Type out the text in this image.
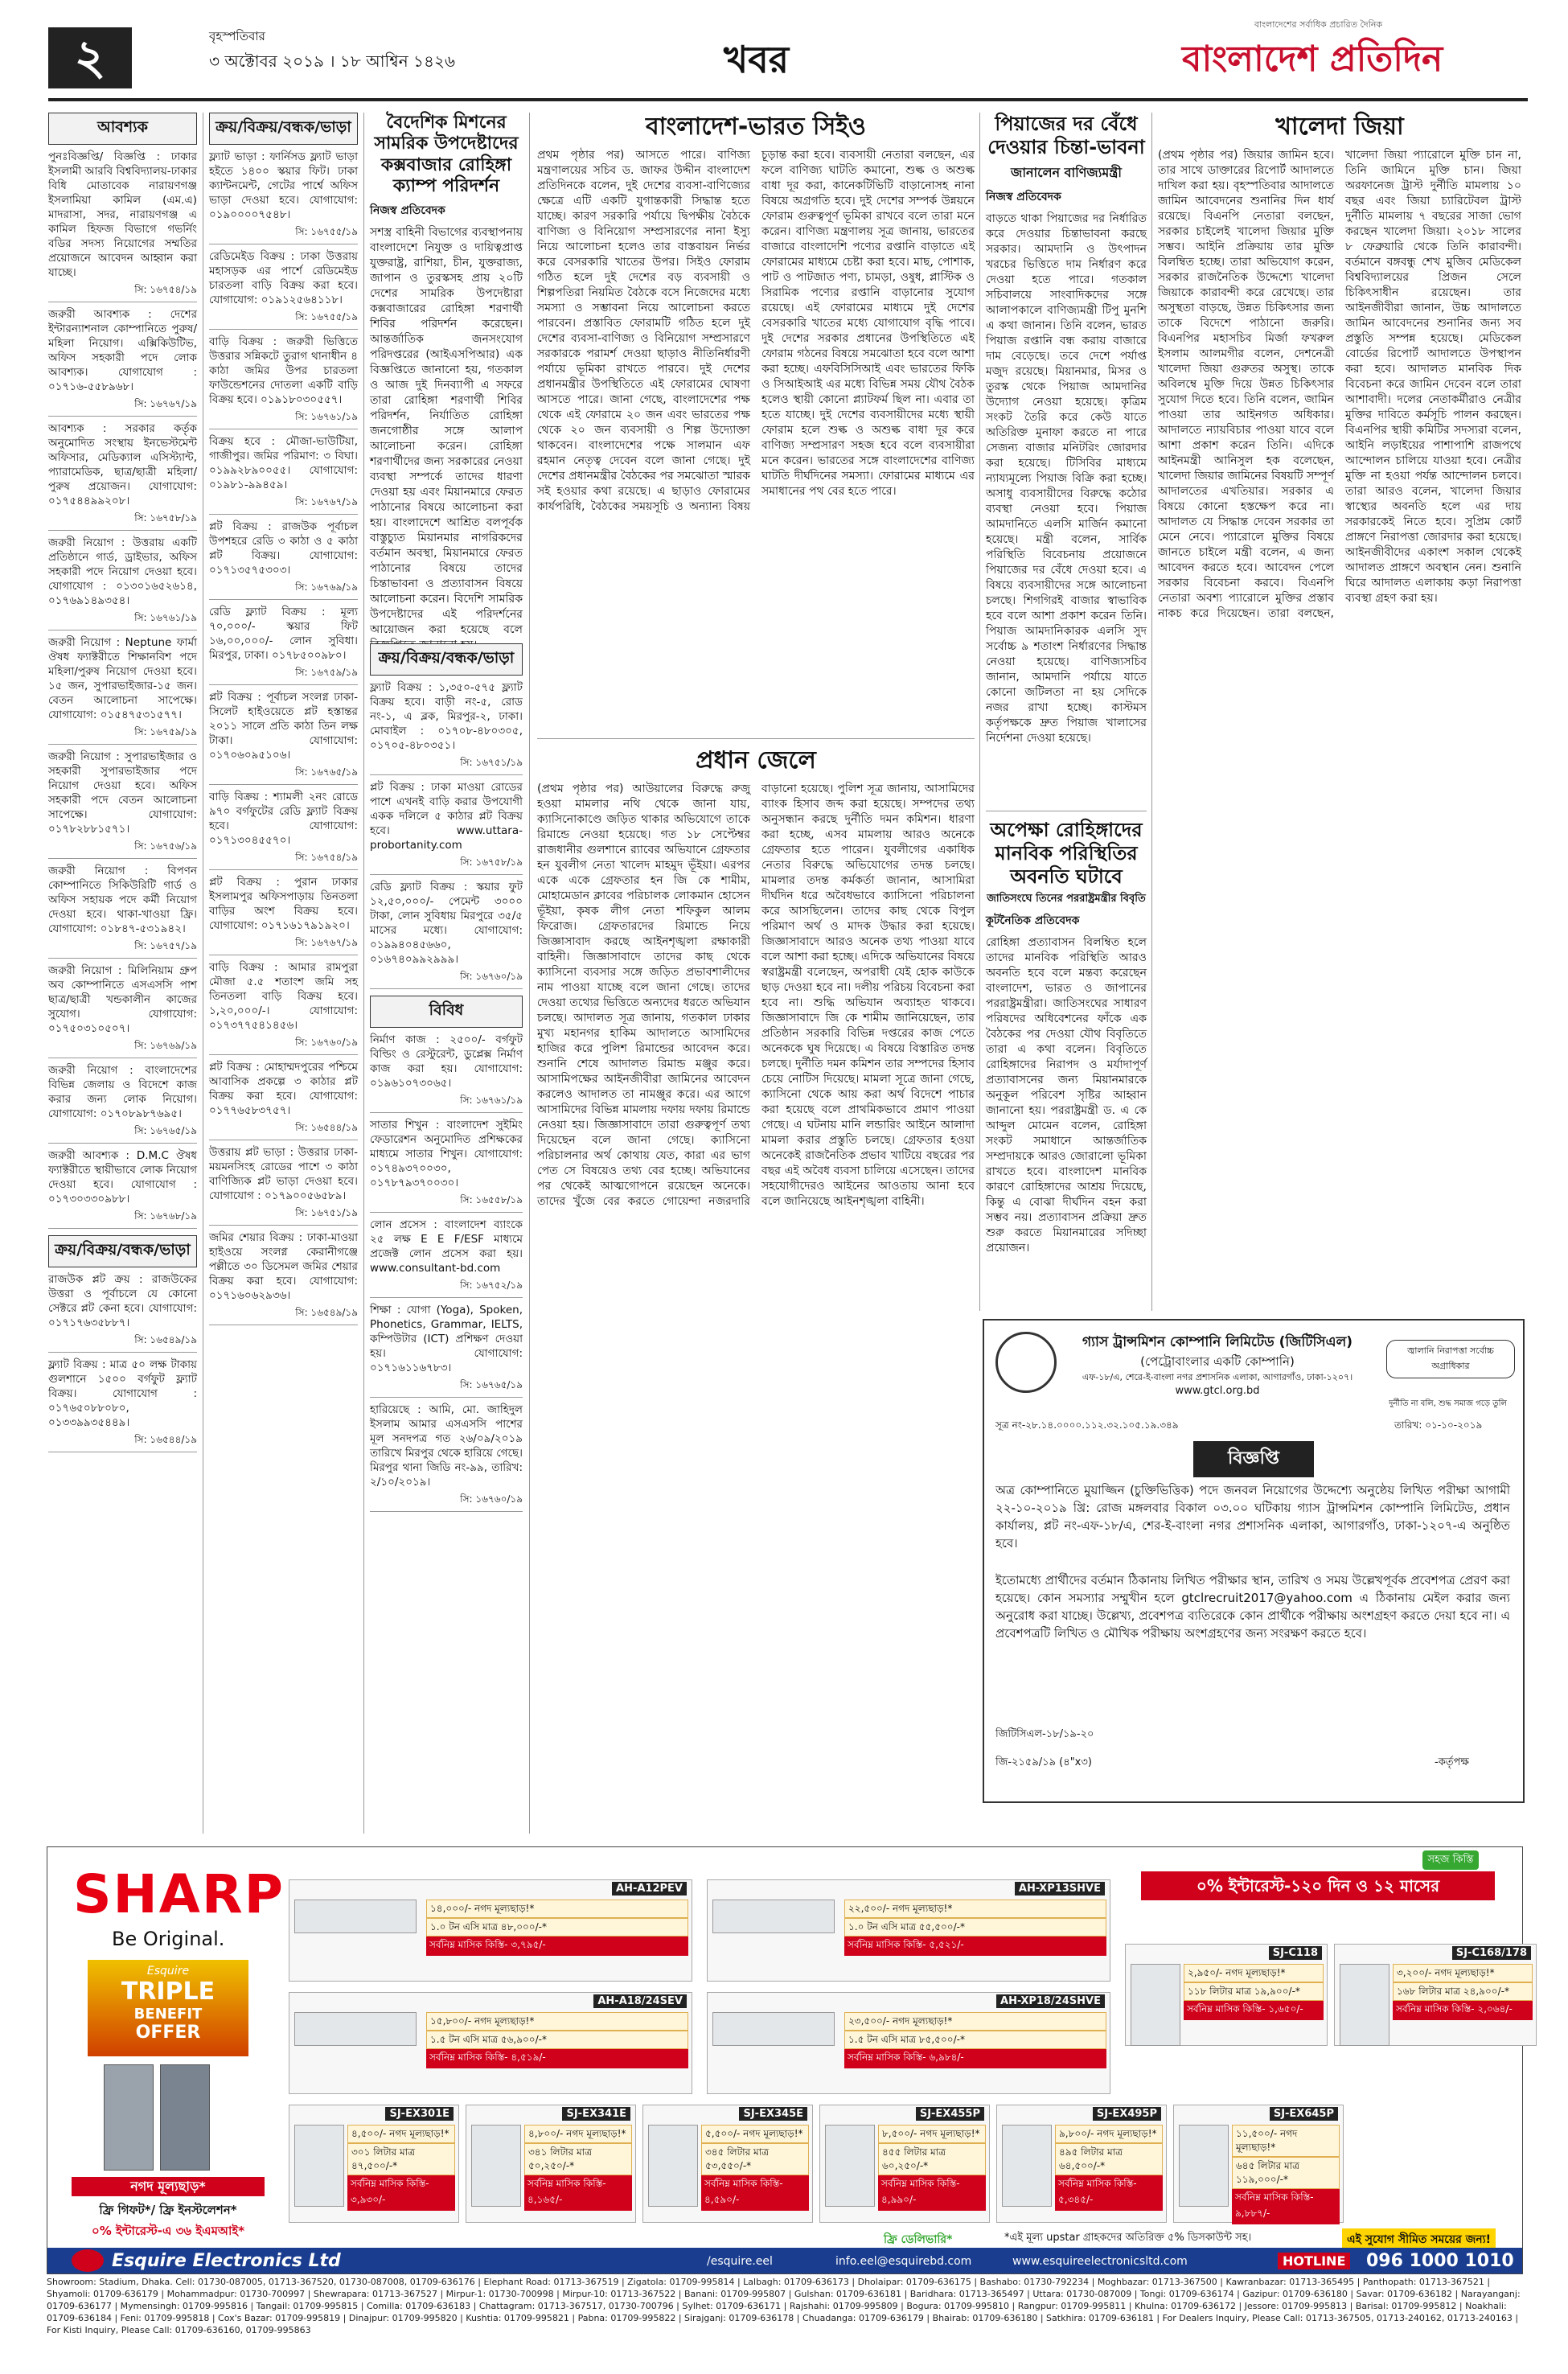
২	বৃহস্পতিবার
৩ অক্টোবর ২০১৯ । ১৮ আশ্বিন ১৪২৬	খবর
বাংলাদেশের সর্বাধিক প্রচারিত দৈনিক
বাংলাদেশ প্রতিদিন
আবশ্যক
পুনঃবিজ্ঞপ্তি/ বিজ্ঞপ্তি : ঢাকার ইসলামী আরবি বিশ্ববিদ্যালয়-ঢাকার বিধি মোতাবেক নারায়ণগঞ্জ ইসলামিয়া কামিল (এম.এ) মাদরাসা, সদর, নারায়ণগঞ্জ এ কামিল হিফজ বিভাগে গভর্নিং বডির সদস্য নিয়োগের সম্মতির প্রয়োজনে আবেদন আহ্বান করা যাচ্ছে।
সি: ১৬৭৫৪/১৯
জরুরী আবশ্যক : দেশের ইন্টারন্যাশনাল কোম্পানিতে পুরুষ/মহিলা নিয়োগ। এক্সিকিউটিভ, অফিস সহকারী পদে লোক আবশ্যক। যোগাযোগ : ০১৭১৬-৫৫৮৯৬৮।
সি: ১৬৭৬৭/১৯
আবশ্যক : সরকার কর্তৃক অনুমোদিত সংস্থায় ইনভেস্টমেন্ট অফিসার, মেডিক্যাল এসিস্ট্যান্ট, প্যারামেডিক, ছাত্র/ছাত্রী মহিলা/পুরুষ প্রয়োজন। যোগাযোগ: ০১৭৫৪৪৯৯২০৮।
সি: ১৬৭৫৮/১৯
জরুরী নিয়োগ : উত্তরায় একটি প্রতিষ্ঠানে গার্ড, ড্রাইভার, অফিস সহকারী পদে নিয়োগ দেওয়া হবে। যোগাযোগ : ০১৩০১৬৫২৬১৪, ০১৭৬৯১৪৯৩৫৪।
সি: ১৬৭৬১/১৯
জরুরী নিয়োগ : Neptune ফার্মা ঔষধ ফ্যাক্টরীতে শিক্ষানবিশ পদে মহিলা/পুরুষ নিয়োগ দেওয়া হবে। ১৫ জন, সুপারভাইজার-১৫ জন। বেতন আলোচনা সাপেক্ষে। যোগাযোগ: ০১৫৪৭৫৩১৫৭৭।
সি: ১৬৭৫৯/১৯
জরুরী নিয়োগ : সুপারভাইজার ও সহকারী সুপারভাইজার পদে নিয়োগ দেওয়া হবে। অফিস সহকারী পদে বেতন আলোচনা সাপেক্ষে। যোগাযোগ: ০১৭৮২৮৮১৫৭১।
সি: ১৬৭৫৬/১৯
জরুরী নিয়োগ : বিপণন কোম্পানিতে সিকিউরিটি গার্ড ও অফিস সহায়ক পদে কর্মী নিয়োগ দেওয়া হবে। থাকা-খাওয়া ফ্রি। যোগাযোগ: ০১৮৪৭-৫৩১৯৪২।
সি: ১৬৭৫৭/১৯
জরুরী নিয়োগ : মিলিনিয়াম গ্রুপ অব কোম্পানিতে এসএসসি পাশ ছাত্র/ছাত্রী খন্ডকালীন কাজের সুযোগ। যোগাযোগ: ০১৭৫০৩১০৫০৭।
সি: ১৬৭৬৯/১৯
জরুরী নিয়োগ : বাংলাদেশের বিভিন্ন জেলায় ও বিদেশে কাজ করার জন্য লোক নিয়োগ। যোগাযোগ: ০১৭০৮৯৮৭৬৯৫।
সি: ১৬৭৬৫/১৯
জরুরী আবশ্যক : D.M.C ঔষধ ফ্যাক্টরীতে স্থায়ীভাবে লোক নিয়োগ দেওয়া হবে। যোগাযোগ : ০১৭৩০৩৩০৯৮৮।
সি: ১৬৭৬৮/১৯
ক্রয়/বিক্রয়/বন্ধক/ভাড়া
রাজউক প্লট ক্রয় : রাজউকের উত্তরা ও পূর্বাচলে যে কোনো সেক্টরে প্লট কেনা হবে। যোগাযোগ: ০১৭১৭৬৩৫৮৮৭।
সি: ১৬৫৪৯/১৯
ফ্ল্যাট বিক্রয় : মাত্র ৫০ লক্ষ টাকায় গুলশানে ১৫০০ বর্গফুট ফ্ল্যাট বিক্রয়। যোগাযোগ : ০১৭৬৫০৮৮০৮০, ০১৩৩৯৯৩৫৪৪৯।
সি: ১৬৫৪৪/১৯
ক্রয়/বিক্রয়/বন্ধক/ভাড়া
ফ্ল্যাট ভাড়া : ফার্নিসড ফ্ল্যাট ভাড়া হইতে ১৪০০ স্কয়ার ফিট। ঢাকা ক্যান্টনমেন্ট, গেটের পার্শ্বে অফিস ভাড়া দেওয়া হবে। যোগাযোগ: ০১৯০০০০৭৫৪৮।
সি: ১৬৭৫৫/১৯
রেডিমেইড বিক্রয় : ঢাকা উত্তরায় মহাসড়ক এর পার্শে রেডিমেইড চারতলা বাড়ি বিক্রয় করা হবে। যোগাযোগ: ০১৯১২৫৬৪১১৮।
সি: ১৬৭৫৫/১৯
বাড়ি বিক্রয় : জরুরী ভিত্তিতে উত্তরার সন্নিকটে তুরাগ থানাধীন ৪ কাঠা জমির উপর চারতলা ফাউন্ডেশনের দোতলা একটি বাড়ি বিক্রয় হবে। ০১৯১৮০৩০৫৫৭।
সি: ১৬৭৬১/১৯
বিক্রয় হবে : মৌজা-ভাউটিয়া, গাজীপুর। জমির পরিমাণ: ৩ বিঘা। ০১৯৯২৮৯০০৫৫। যোগাযোগ: ০১৯৮১-৯৯৪৫৯।
সি: ১৬৭৬৭/১৯
প্লট বিক্রয় : রাজউক পূর্বাচল উপশহরে রেডি ৩ কাঠা ও ৫ কাঠা প্লট বিক্রয়। যোগাযোগ: ০১৭১৩৫৭৫৩০৩।
সি: ১৬৭৬৯/১৯
রেডি ফ্ল্যাট বিক্রয় : মূল্য ৭০,০০০/- স্কয়ার ফিট ১৬,০০,০০০/- লোন সুবিধা। মিরপুর, ঢাকা। ০১৭৮৫০০৯৮০।
সি: ১৬৭৫৯/১৯
প্লট বিক্রয় : পূর্বাচল সংলগ্ন ঢাকা-সিলেট হাইওয়েতে প্লট হস্তান্তর ২০১১ সালে প্রতি কাঠা তিন লক্ষ টাকা। যোগাযোগ: ০১৭০৬০৯৫১০৬।
সি: ১৬৭৬৫/১৯
বাড়ি বিক্রয় : শ্যামলী ২নং রোডে ৯৭০ বর্গফুটের রেডি ফ্ল্যাট বিক্রয় হবে। যোগাযোগ: ০১৭১৩০৪৫৫৭০।
সি: ১৬৭৫৪/১৯
প্লট বিক্রয় : পুরান ঢাকার ইসলামপুর অফিসপাড়ায় তিনতলা বাড়ির অংশ বিক্রয় হবে। যোগাযোগ: ০১৭১৬১৭৯১৯২০।
সি: ১৬৭৬৭/১৯
বাড়ি বিক্রয় : আমার রামপুরা মৌজা ৫.৫ শতাংশ জমি সহ তিনতলা বাড়ি বিক্রয় হবে। ১,২০,০০০/-। যোগাযোগ: ০১৭৩৭৭৫৪১৪৫৬।
সি: ১৬৭৬০/১৯
প্লট বিক্রয় : মোহাম্মদপুরের পশ্চিমে আবাসিক প্রকল্পে ৩ কাঠার প্লট বিক্রয় করা হবে। যোগাযোগ: ০১৭৭৬৫৮৩৭৫৭।
সি: ১৬৫৪৪/১৯
উত্তরায় প্লট ভাড়া : উত্তরার ঢাকা-ময়মনসিংহ রোডের পাশে ৩ কাঠা বাণিজ্যিক প্লট ভাড়া দেওয়া হবে। যোগাযোগ : ০১৭৯০০৫৬৫৮৯।
সি: ১৬৭৫১/১৯
জমির শেয়ার বিক্রয় : ঢাকা-মাওয়া হাইওয়ে সংলগ্ন কেরানীগঞ্জে পল্লীতে ৩০ ডিসেমল জমির শেয়ার বিক্রয় করা হবে। যোগাযোগ: ০১৭১৬০৬২৯৩৬।
সি: ১৬৫৪৯/১৯
বৈদেশিক মিশনের সামরিক উপদেষ্টাদের কক্সবাজার রোহিঙ্গা ক্যাম্প পরিদর্শন
নিজস্ব প্রতিবেদক
সশস্ত্র বাহিনী বিভাগের ব্যবস্থাপনায় বাংলাদেশে নিযুক্ত ও দায়িত্বপ্রাপ্ত যুক্তরাষ্ট্র, রাশিয়া, চীন, যুক্তরাজ্য, জাপান ও তুরস্কসহ প্রায় ২০টি দেশের সামরিক উপদেষ্টারা কক্সবাজারের রোহিঙ্গা শরণার্থী শিবির পরিদর্শন করেছেন। আন্তর্জাতিক জনসংযোগ পরিদপ্তরের (আইএসপিআর) এক বিজ্ঞপ্তিতে জানানো হয়, গতকাল ও আজ দুই দিনব্যাপী এ সফরে তারা রোহিঙ্গা শরণার্থী শিবির পরিদর্শন, নির্যাতিত রোহিঙ্গা জনগোষ্ঠীর সঙ্গে আলাপ আলোচনা করেন। রোহিঙ্গা শরণার্থীদের জন্য সরকারের নেওয়া ব্যবস্থা সম্পর্কে তাদের ধারণা দেওয়া হয় এবং মিয়ানমারে ফেরত পাঠানোর বিষয়ে আলোচনা করা হয়। বাংলাদেশে আশ্রিত বলপূর্বক বাস্তুচ্যুত মিয়ানমার নাগরিকদের বর্তমান অবস্থা, মিয়ানমারে ফেরত পাঠানোর বিষয়ে তাদের চিন্তাভাবনা ও প্রত্যাবাসন বিষয়ে আলোচনা করেন। বিদেশি সামরিক উপদেষ্টাদের এই পরিদর্শনের আয়োজন করা হয়েছে বলে
ক্রয়/বিক্রয়/বন্ধক/ভাড়া
ফ্ল্যাট বিক্রয় : ১,৩৫০-৫৭৫ ফ্ল্যাট বিক্রয় হবে। বাড়ী নং-৫, রোড নং-১, এ ব্লক, মিরপুর-২, ঢাকা। মোবাইল : ০১৭০৮-৪৮০৩০৫, ০১৭০৫-৪৮০৩৫১।
সি: ১৬৭৫১/১৯
প্লট বিক্রয় : ঢাকা মাওয়া রোডের পাশে এখনই বাড়ি করার উপযোগী একক দলিলে ৫ কাঠার প্লট বিক্রয় হবে। www.uttara-probortanity.com
সি: ১৬৭৫৮/১৯
রেডি ফ্ল্যাট বিক্রয় : স্কয়ার ফুট ১২,৫০,০০০/- পেমেন্ট ৩০০০ টাকা, লোন সুবিধায় মিরপুরে ৩৫/৫ মাসের মধ্যে। যোগাযোগ: ০১৯৯৪০৪৫৬৬০, ০১৬৭৪০৯৯২৯৯৯।
সি: ১৬৭৬০/১৯
বিবিধ
নির্মাণ কাজ : ২৫০০/- বর্গফুট বিল্ডিং ও রেস্টুরেন্ট, ডুপ্লেক্স নির্মাণ কাজ করা হয়। যোগাযোগ: ০১৯৬১০৭৩০৬৫।
সি: ১৬৭৬১/১৯
সাতার শিখুন : বাংলাদেশ সুইমিং ফেডারেশন অনুমোদিত প্রশিক্ষকের মাধ্যমে সাতার শিখুন। যোগাযোগ: ০১৭৪৯৩৭০০৩০, ০১৭৮৭৯৩৭০০৩০।
সি: ১৬৫৫৮/১৯
লোন প্রসেস : বাংলাদেশ ব্যাংকে ২৫ লক্ষ E E F/ESF মাধ্যমে প্রজেক্ট লোন প্রসেস করা হয়। www.consultant-bd.com
সি: ১৬৭৫২/১৯
শিক্ষা : যোগা (Yoga), Spoken, Phonetics, Grammar, IELTS, কম্পিউটার (ICT) প্রশিক্ষণ দেওয়া হয়। যোগাযোগ: ০১৭১৬১১৬৭৮৩।
সি: ১৬৭৬৫/১৯
হারিয়েছে : আমি, মো. জাহিদুল ইসলাম আমার এসএসসি পাশের মূল সনদপত্র গত ২৬/০৯/২০১৯ তারিখে মিরপুর থেকে হারিয়ে গেছে। মিরপুর থানা জিডি নং-৯৯, তারিখ: ২/১০/২০১৯।
সি: ১৬৭৬০/১৯
বাংলাদেশ-ভারত সিইও
প্রথম পৃষ্ঠার পর) আসতে পারে। বাণিজ্য মন্ত্রণালয়ের সচিব ড. জাফর উদ্দীন বাংলাদেশ প্রতিদিনকে বলেন, দুই দেশের ব্যবসা-বাণিজ্যের ক্ষেত্রে এটি একটি যুগান্তকারী সিদ্ধান্ত হতে যাচ্ছে। কারণ সরকারি পর্যায়ে দ্বিপক্ষীয় বৈঠকে বাণিজ্য ও বিনিয়োগ সম্প্রসারণের নানা ইস্যু নিয়ে আলোচনা হলেও তার বাস্তবায়ন নির্ভর করে বেসরকারি খাতের উপর। সিইও ফোরাম গঠিত হলে দুই দেশের বড় ব্যবসায়ী ও শিল্পপতিরা নিয়মিত বৈঠকে বসে নিজেদের মধ্যে সমস্যা ও সম্ভাবনা নিয়ে আলোচনা করতে পারবেন। প্রস্তাবিত ফোরামটি গঠিত হলে দুই দেশের ব্যবসা-বাণিজ্য ও বিনিয়োগ সম্প্রসারণে সরকারকে পরামর্শ দেওয়া ছাড়াও নীতিনির্ধারণী পর্যায়ে ভূমিকা রাখতে পারবে। দুই দেশের প্রধানমন্ত্রীর উপস্থিতিতে এই ফোরামের ঘোষণা আসতে পারে। জানা গেছে, বাংলাদেশের পক্ষ থেকে এই ফোরামে ২০ জন এবং ভারতের পক্ষ থেকে ২০ জন ব্যবসায়ী ও শিল্প উদ্যোক্তা থাকবেন। বাংলাদেশের পক্ষে সালমান এফ রহমান নেতৃত্ব দেবেন বলে জানা গেছে। দুই দেশের প্রধানমন্ত্রীর বৈঠকের পর সমঝোতা স্মারক সই হওয়ার কথা রয়েছে। এ ছাড়াও ফোরামের কার্যপরিধি, বৈঠকের সময়সূচি ও অন্যান্য বিষয় চূড়ান্ত করা হবে। ব্যবসায়ী নেতারা বলছেন, এর ফলে বাণিজ্য ঘাটতি কমানো, শুল্ক ও অশুল্ক বাধা দূর করা, কানেকটিভিটি বাড়ানোসহ নানা বিষয়ে অগ্রগতি হবে। দুই দেশের সম্পর্ক উন্নয়নে ফোরাম গুরুত্বপূর্ণ ভূমিকা রাখবে বলে তারা মনে করেন। বাণিজ্য মন্ত্রণালয় সূত্র জানায়, ভারতের বাজারে বাংলাদেশি পণ্যের রপ্তানি বাড়াতে এই ফোরামের মাধ্যমে চেষ্টা করা হবে। মাছ, পোশাক, পাট ও পাটজাত পণ্য, চামড়া, ওষুধ, প্লাস্টিক ও সিরামিক পণ্যের রপ্তানি বাড়ানোর সুযোগ রয়েছে। এই ফোরামের মাধ্যমে দুই দেশের বেসরকারি খাতের মধ্যে যোগাযোগ বৃদ্ধি পাবে। দুই দেশের সরকার প্রধানের উপস্থিতিতে এই ফোরাম গঠনের বিষয়ে সমঝোতা হবে বলে আশা করা হচ্ছে। এফবিসিসিআই এবং ভারতের ফিকি ও সিআইআই এর মধ্যে বিভিন্ন সময় যৌথ বৈঠক হলেও স্থায়ী কোনো প্ল্যাটফর্ম ছিল না। এবার তা হতে যাচ্ছে। দুই দেশের ব্যবসায়ীদের মধ্যে স্থায়ী ফোরাম হলে শুল্ক ও অশুল্ক বাধা দূর করে বাণিজ্য সম্প্রসারণ সহজ হবে বলে ব্যবসায়ীরা মনে করেন। ভারতের সঙ্গে বাংলাদেশের বাণিজ্য ঘাটতি দীর্ঘদিনের সমস্যা। ফোরামের মাধ্যমে এর সমাধানের পথ বের হতে পারে।
প্রধান জেলে
(প্রথম পৃষ্ঠার পর) আউয়ালের বিরুদ্ধে রুজু হওয়া মামলার নথি থেকে জানা যায়, ক্যাসিনোকাণ্ডে জড়িত থাকার অভিযোগে তাকে রিমান্ডে নেওয়া হয়েছে। গত ১৮ সেপ্টেম্বর রাজধানীর গুলশানে র‍্যাবের অভিযানে গ্রেফতার হন যুবলীগ নেতা খালেদ মাহমুদ ভূঁইয়া। এরপর একে একে গ্রেফতার হন জি কে শামীম, মোহামেডান ক্লাবের পরিচালক লোকমান হোসেন ভূঁইয়া, কৃষক লীগ নেতা শফিকুল আলম ফিরোজ। গ্রেফতারদের রিমান্ডে নিয়ে জিজ্ঞাসাবাদ করছে আইনশৃঙ্খলা রক্ষাকারী বাহিনী। জিজ্ঞাসাবাদে তাদের কাছ থেকে ক্যাসিনো ব্যবসার সঙ্গে জড়িত প্রভাবশালীদের নাম পাওয়া যাচ্ছে বলে জানা গেছে। তাদের দেওয়া তথ্যের ভিত্তিতে অন্যদের ধরতে অভিযান চলছে। আদালত সূত্র জানায়, গতকাল ঢাকার মুখ্য মহানগর হাকিম আদালতে আসামিদের হাজির করে পুলিশ রিমান্ডের আবেদন করে। শুনানি শেষে আদালত রিমান্ড মঞ্জুর করে। আসামিপক্ষের আইনজীবীরা জামিনের আবেদন করলেও আদালত তা নামঞ্জুর করে। এর আগে আসামিদের বিভিন্ন মামলায় দফায় দফায় রিমান্ডে নেওয়া হয়। জিজ্ঞাসাবাদে তারা গুরুত্বপূর্ণ তথ্য দিয়েছেন বলে জানা গেছে। ক্যাসিনো পরিচালনার অর্থ কোথায় যেত, কারা এর ভাগ পেত সে বিষয়েও তথ্য বের হচ্ছে। অভিযানের পর থেকেই আত্মগোপনে রয়েছেন অনেকে। তাদের খুঁজে বের করতে গোয়েন্দা নজরদারি বাড়ানো হয়েছে। পুলিশ সূত্র জানায়, আসামিদের ব্যাংক হিসাব জব্দ করা হয়েছে। সম্পদের তথ্য অনুসন্ধান করছে দুর্নীতি দমন কমিশন। ধারণা করা হচ্ছে, এসব মামলায় আরও অনেকে গ্রেফতার হতে পারেন। যুবলীগের একাধিক নেতার বিরুদ্ধে অভিযোগের তদন্ত চলছে। মামলার তদন্ত কর্মকর্তা জানান, আসামিরা দীর্ঘদিন ধরে অবৈধভাবে ক্যাসিনো পরিচালনা করে আসছিলেন। তাদের কাছ থেকে বিপুল পরিমাণ অর্থ ও মাদক উদ্ধার করা হয়েছে। জিজ্ঞাসাবাদে আরও অনেক তথ্য পাওয়া যাবে বলে আশা করা হচ্ছে। এদিকে অভিযানের বিষয়ে স্বরাষ্ট্রমন্ত্রী বলেছেন, অপরাধী যেই হোক কাউকে ছাড় দেওয়া হবে না। দলীয় পরিচয় বিবেচনা করা হবে না। শুদ্ধি অভিযান অব্যাহত থাকবে। জিজ্ঞাসাবাদে জি কে শামীম জানিয়েছেন, তার প্রতিষ্ঠান সরকারি বিভিন্ন দপ্তরের কাজ পেতে অনেককে ঘুষ দিয়েছে। এ বিষয়ে বিস্তারিত তদন্ত চলছে। দুর্নীতি দমন কমিশন তার সম্পদের হিসাব চেয়ে নোটিস দিয়েছে। মামলা সূত্রে জানা গেছে, ক্যাসিনো থেকে আয় করা অর্থ বিদেশে পাচার করা হয়েছে বলে প্রাথমিকভাবে প্রমাণ পাওয়া গেছে। এ ঘটনায় মানি লন্ডারিং আইনে আলাদা মামলা করার প্রস্তুতি চলছে। গ্রেফতার হওয়া অনেকেই রাজনৈতিক প্রভাব খাটিয়ে বছরের পর বছর এই অবৈধ ব্যবসা চালিয়ে এসেছেন। তাদের সহযোগীদেরও আইনের আওতায় আনা হবে বলে জানিয়েছে আইনশৃঙ্খলা বাহিনী।
পিয়াজের দর বেঁধে দেওয়ার চিন্তা-ভাবনা
জানালেন বাণিজ্যমন্ত্রী
নিজস্ব প্রতিবেদক
বাড়তে থাকা পিয়াজের দর নির্ধারিত করে দেওয়ার চিন্তাভাবনা করছে সরকার। আমদানি ও উৎপাদন খরচের ভিত্তিতে দাম নির্ধারণ করে দেওয়া হতে পারে। গতকাল সচিবালয়ে সাংবাদিকদের সঙ্গে আলাপকালে বাণিজ্যমন্ত্রী টিপু মুনশি এ কথা জানান। তিনি বলেন, ভারত পিয়াজ রপ্তানি বন্ধ করায় বাজারে দাম বেড়েছে। তবে দেশে পর্যাপ্ত মজুদ রয়েছে। মিয়ানমার, মিসর ও তুরস্ক থেকে পিয়াজ আমদানির উদ্যোগ নেওয়া হয়েছে। কৃত্রিম সংকট তৈরি করে কেউ যাতে অতিরিক্ত মুনাফা করতে না পারে সেজন্য বাজার মনিটরিং জোরদার করা হয়েছে। টিসিবির মাধ্যমে ন্যায্যমূল্যে পিয়াজ বিক্রি করা হচ্ছে। অসাধু ব্যবসায়ীদের বিরুদ্ধে কঠোর ব্যবস্থা নেওয়া হবে। পিয়াজ আমদানিতে এলসি মার্জিন কমানো হয়েছে। মন্ত্রী বলেন, সার্বিক পরিস্থিতি বিবেচনায় প্রয়োজনে পিয়াজের দর বেঁধে দেওয়া হবে। এ বিষয়ে ব্যবসায়ীদের সঙ্গে আলোচনা চলছে। শিগগিরই বাজার স্বাভাবিক হবে বলে আশা প্রকাশ করেন তিনি। পিয়াজ আমদানিকারক এলসি সুদ সর্বোচ্চ ৯ শতাংশ নির্ধারণের সিদ্ধান্ত নেওয়া হয়েছে। বাণিজ্যসচিব জানান, আমদানি পর্যায়ে যাতে কোনো জটিলতা না হয় সেদিকে নজর রাখা হচ্ছে। কাস্টমস কর্তৃপক্ষকে দ্রুত পিয়াজ খালাসের নির্দেশনা দেওয়া হয়েছে।
অপেক্ষা রোহিঙ্গাদের মানবিক পরিস্থিতির অবনতি ঘটাবে
জাতিসংঘে তিনের পররাষ্ট্রমন্ত্রীর বিবৃতি
কূটনৈতিক প্রতিবেদক
রোহিঙ্গা প্রত্যাবাসন বিলম্বিত হলে তাদের মানবিক পরিস্থিতি আরও অবনতি হবে বলে মন্তব্য করেছেন বাংলাদেশ, ভারত ও জাপানের পররাষ্ট্রমন্ত্রীরা। জাতিসংঘের সাধারণ পরিষদের অধিবেশনের ফাঁকে এক বৈঠকের পর দেওয়া যৌথ বিবৃতিতে তারা এ কথা বলেন। বিবৃতিতে রোহিঙ্গাদের নিরাপদ ও মর্যাদাপূর্ণ প্রত্যাবাসনের জন্য মিয়ানমারকে অনুকূল পরিবেশ সৃষ্টির আহ্বান জানানো হয়। পররাষ্ট্রমন্ত্রী ড. এ কে আব্দুল মোমেন বলেন, রোহিঙ্গা সংকট সমাধানে আন্তর্জাতিক সম্প্রদায়কে আরও জোরালো ভূমিকা রাখতে হবে। বাংলাদেশ মানবিক কারণে রোহিঙ্গাদের আশ্রয় দিয়েছে, কিন্তু এ বোঝা দীর্ঘদিন বহন করা সম্ভব নয়। প্রত্যাবাসন প্রক্রিয়া দ্রুত শুরু করতে মিয়ানমারের সদিচ্ছা প্রয়োজন।
খালেদা জিয়া
(প্রথম পৃষ্ঠার পর) জিয়ার জামিন হবে। তার সাথে ডাক্তারের রিপোর্ট আদালতে দাখিল করা হয়। বৃহস্পতিবার আদালতে জামিন আবেদনের শুনানির দিন ধার্য রয়েছে। বিএনপি নেতারা বলছেন, সরকার চাইলেই খালেদা জিয়ার মুক্তি সম্ভব। আইনি প্রক্রিয়ায় তার মুক্তি বিলম্বিত হচ্ছে। তারা অভিযোগ করেন, সরকার রাজনৈতিক উদ্দেশ্যে খালেদা জিয়াকে কারাবন্দী করে রেখেছে। তার অসুস্থতা বাড়ছে, উন্নত চিকিৎসার জন্য তাকে বিদেশে পাঠানো জরুরি। বিএনপির মহাসচিব মির্জা ফখরুল ইসলাম আলমগীর বলেন, দেশনেত্রী খালেদা জিয়া গুরুতর অসুস্থ। তাকে অবিলম্বে মুক্তি দিয়ে উন্নত চিকিৎসার সুযোগ দিতে হবে। তিনি বলেন, জামিন পাওয়া তার আইনগত অধিকার। আদালতে ন্যায়বিচার পাওয়া যাবে বলে আশা প্রকাশ করেন তিনি। এদিকে আইনমন্ত্রী আনিসুল হক বলেছেন, খালেদা জিয়ার জামিনের বিষয়টি সম্পূর্ণ আদালতের এখতিয়ার। সরকার এ বিষয়ে কোনো হস্তক্ষেপ করে না। আদালত যে সিদ্ধান্ত দেবেন সরকার তা মেনে নেবে। প্যারোলে মুক্তির বিষয়ে জানতে চাইলে মন্ত্রী বলেন, এ জন্য আবেদন করতে হবে। আবেদন পেলে সরকার বিবেচনা করবে। বিএনপি নেতারা অবশ্য প্যারোলে মুক্তির প্রস্তাব নাকচ করে দিয়েছেন। তারা বলছেন, খালেদা জিয়া প্যারোলে মুক্তি চান না, তিনি জামিনে মুক্তি চান। জিয়া অরফানেজ ট্রাস্ট দুর্নীতি মামলায় ১০ বছর এবং জিয়া চ্যারিটেবল ট্রাস্ট দুর্নীতি মামলায় ৭ বছরের সাজা ভোগ করছেন খালেদা জিয়া। ২০১৮ সালের ৮ ফেব্রুয়ারি থেকে তিনি কারাবন্দী। বর্তমানে বঙ্গবন্ধু শেখ মুজিব মেডিকেল বিশ্ববিদ্যালয়ের প্রিজন সেলে চিকিৎসাধীন রয়েছেন। তার আইনজীবীরা জানান, উচ্চ আদালতে জামিন আবেদনের শুনানির জন্য সব প্রস্তুতি সম্পন্ন হয়েছে। মেডিকেল বোর্ডের রিপোর্ট আদালতে উপস্থাপন করা হবে। আদালত মানবিক দিক বিবেচনা করে জামিন দেবেন বলে তারা আশাবাদী। দলের নেতাকর্মীরাও নেত্রীর মুক্তির দাবিতে কর্মসূচি পালন করছেন। বিএনপির স্থায়ী কমিটির সদস্যরা বলেন, আইনি লড়াইয়ের পাশাপাশি রাজপথে আন্দোলন চালিয়ে যাওয়া হবে। নেত্রীর মুক্তি না হওয়া পর্যন্ত আন্দোলন চলবে। তারা আরও বলেন, খালেদা জিয়ার স্বাস্থ্যের অবনতি হলে এর দায় সরকারকেই নিতে হবে। সুপ্রিম কোর্ট প্রাঙ্গণে নিরাপত্তা জোরদার করা হয়েছে। আইনজীবীদের একাংশ সকাল থেকেই আদালত প্রাঙ্গণে অবস্থান নেন। শুনানি ঘিরে আদালত এলাকায় কড়া নিরাপত্তা ব্যবস্থা গ্রহণ করা হয়।
গ্যাস ট্রান্সমিশন কোম্পানি লিমিটেড (জিটিসিএল)
(পেট্রোবাংলার একটি কোম্পানি)
এফ-১৮/এ, শেরে-ই-বাংলা নগর প্রশাসনিক এলাকা, আগারগাঁও, ঢাকা-১২০৭।
www.gtcl.org.bd
জ্বালানি নিরাপত্তা সর্বোচ্চ অগ্রাধিকার
দুর্নীতি না বলি, শুদ্ধ সমাজ গড়ে তুলি
সূত্র নং-২৮.১৪.০০০০.১১২.৩২.১০৫.১৯.৩৪৯	তারিখ: ০১-১০-২০১৯
বিজ্ঞপ্তি
অত্র কোম্পানিতে মুয়াজ্জিন (চুক্তিভিত্তিক) পদে জনবল নিয়োগের উদ্দেশ্যে অনুষ্ঠেয় লিখিত পরীক্ষা আগামী ২২-১০-২০১৯ খ্রি: রোজ মঙ্গলবার বিকাল ০৩.০০ ঘটিকায় গ্যাস ট্রান্সমিশন কোম্পানি লিমিটেড, প্রধান কার্যালয়, প্লট নং-এফ-১৮/এ, শের-ই-বাংলা নগর প্রশাসনিক এলাকা, আগারগাঁও, ঢাকা-১২০৭-এ অনুষ্ঠিত হবে।
ইতোমধ্যে প্রার্থীদের বর্তমান ঠিকানায় লিখিত পরীক্ষার স্থান, তারিখ ও সময় উল্লেখপূর্বক প্রবেশপত্র প্রেরণ করা হয়েছে। কোন সমস্যার সম্মুখীন হলে gtclrecruit2017@yahoo.com এ ঠিকানায় মেইল করার জন্য অনুরোধ করা যাচ্ছে। উল্লেখ্য, প্রবেশপত্র ব্যতিরেকে কোন প্রার্থীকে পরীক্ষায় অংশগ্রহণ করতে দেয়া হবে না। এ প্রবেশপত্রটি লিখিত ও মৌখিক পরীক্ষায় অংশগ্রহণের জন্য সংরক্ষণ করতে হবে।
জিটিসিএল-১৮/১৯-২০
জি-২১৫৯/১৯ (৪"x৩)	-কর্তৃপক্ষ
SHARP
Be Original.
Esquire
TRIPLE
BENEFIT
OFFER
নগদ মূল্যছাড়*
ফ্রি গিফট*/ ফ্রি ইনস্টলেশন*
০% ইন্টারেস্ট-এ ৩৬ ইএমআই*
০% ইন্টারেস্ট-১২০ দিন ও ১২ মাসের
সহজ কিস্তি
AH-A12PEV
১৪,০০০/- নগদ মূল্যছাড়!*
১.০ টন এসি মাত্র ৪৮,০০০/-*
সর্বনিম্ন মাসিক কিস্তি- ৩,৭৯৫/-
AH-XP13SHVE
২২,৫০০/- নগদ মূল্যছাড়!*
১.০ টন এসি মাত্র ৫৫,৫০০/-*
সর্বনিম্ন মাসিক কিস্তি- ৫,৫২১/-
AH-A18/24SEV
১৫,৮০০/- নগদ মূল্যছাড়!*
১.৫ টন এসি মাত্র ৫৬,৯০০/-*
সর্বনিম্ন মাসিক কিস্তি- ৪,৫১৯/-
AH-XP18/24SHVE
২৩,৫০০/- নগদ মূল্যছাড়!*
১.৫ টন এসি মাত্র ৮৫,৫০০/-*
সর্বনিম্ন মাসিক কিস্তি- ৬,৯৮৪/-
SJ-C118
২,৯৫০/- নগদ মূল্যছাড়!*
১১৮ লিটার মাত্র ১৯,৯০০/-*
সর্বনিম্ন মাসিক কিস্তি- ১,৬৫০/-
SJ-C168/178
৩,২০০/- নগদ মূল্যছাড়!*
১৬৮ লিটার মাত্র ২৪,৯০০/-*
সর্বনিম্ন মাসিক কিস্তি- ২,০৬৪/-
SJ-EX301E
৪,৫০০/- নগদ মূল্যছাড়!*
৩০১ লিটার মাত্র ৪৭,৫০০/-*
সর্বনিম্ন মাসিক কিস্তি- ৩,৯৩০/-
SJ-EX341E
৪,৮০০/- নগদ মূল্যছাড়!*
৩৪১ লিটার মাত্র ৫০,২৫০/-*
সর্বনিম্ন মাসিক কিস্তি- ৪,১৬৫/-
SJ-EX345E
৫,৫০০/- নগদ মূল্যছাড়!*
৩৪৫ লিটার মাত্র ৫৩,৫৫০/-*
সর্বনিম্ন মাসিক কিস্তি- ৪,৫৯০/-
SJ-EX455P
৮,৫০০/- নগদ মূল্যছাড়!*
৪৫৫ লিটার মাত্র ৬০,২৫০/-*
সর্বনিম্ন মাসিক কিস্তি- ৪,৯৯০/-
SJ-EX495P
৯,৮০০/- নগদ মূল্যছাড়!*
৪৯৫ লিটার মাত্র ৬৪,৫০০/-*
সর্বনিম্ন মাসিক কিস্তি- ৫,৩৪৫/-
SJ-EX645P
১১,৫০০/- নগদ মূল্যছাড়!*
৬৪৫ লিটার মাত্র ১১৯,০০০/-*
সর্বনিম্ন মাসিক কিস্তি- ৯,৮৮৭/-
ফ্রি ডেলিভারি*	*এই মূল্য upstar গ্রাহকদের অতিরিক্ত ৫% ডিসকাউন্ট সহ।	এই সুযোগ সীমিত সময়ের জন্য!
Esquire Electronics Ltd	/esquire.eel	info.eel@esquirebd.com	www.esquireelectronicsltd.com	HOTLINE 096 1000 1010
Showroom: Stadium, Dhaka. Cell: 01730-087005, 01713-367520, 01730-087008, 01709-636176 | Elephant Road: 01713-367519 | Zigatola: 01709-995814 | Lalbagh: 01709-636173 | Dholaipar: 01709-636175 | Bashabo: 01730-792234 | Moghbazar: 01713-367500 | Kawranbazar: 01713-365495 | Panthopath: 01713-367521 | Shyamoli: 01709-636179 | Mohammadpur: 01730-700997 | Shewrapara: 01713-367527 | Mirpur-1: 01730-700998 | Mirpur-10: 01713-367522 | Banani: 01709-995807 | Gulshan: 01709-636181 | Baridhara: 01713-365497 | Uttara: 01730-087009 | Tongi: 01709-636174 | Gazipur: 01709-636180 | Savar: 01709-636182 | Narayanganj: 01709-636177 | Mymensingh: 01709-995816 | Tangail: 01709-995815 | Comilla: 01709-636183 | Chattagram: 01713-367517, 01730-700796 | Sylhet: 01709-636171 | Rajshahi: 01709-995809 | Bogura: 01709-995810 | Rangpur: 01709-995811 | Khulna: 01709-636172 | Jessore: 01709-995813 | Barisal: 01709-995812 | Noakhali: 01709-636184 | Feni: 01709-995818 | Cox's Bazar: 01709-995819 | Dinajpur: 01709-995820 | Kushtia: 01709-995821 | Pabna: 01709-995822 | Sirajganj: 01709-636178 | Chuadanga: 01709-636179 | Bhairab: 01709-636180 | Satkhira: 01709-636181 | For Dealers Inquiry, Please Call: 01713-367505, 01713-240162, 01713-240163 | For Kisti Inquiry, Please Call: 01709-636160, 01709-995863
